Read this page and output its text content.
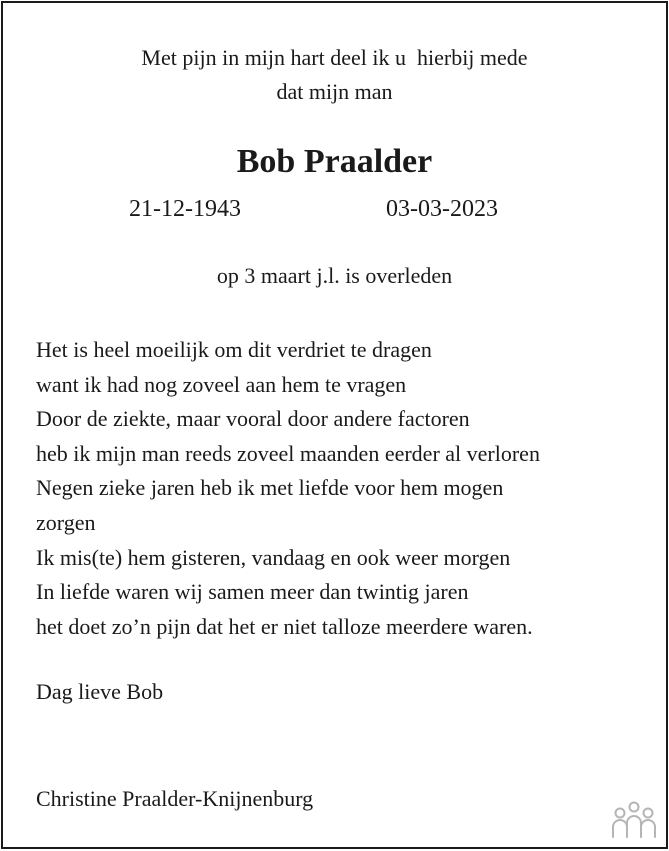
Met pijn in mijn hart deel ik u  hierbij mede
dat mijn man
Bob Praalder
21-12-1943	03-03-2023
op 3 maart j.l. is overleden
Het is heel moeilijk om dit verdriet te dragen
want ik had nog zoveel aan hem te vragen
Door de ziekte, maar vooral door andere factoren
heb ik mijn man reeds zoveel maanden eerder al verloren
Negen zieke jaren heb ik met liefde voor hem mogen
zorgen
Ik mis(te) hem gisteren, vandaag en ook weer morgen
In liefde waren wij samen meer dan twintig jaren
het doet zo’n pijn dat het er niet talloze meerdere waren.
Dag lieve Bob
Christine Praalder-Knijnenburg
